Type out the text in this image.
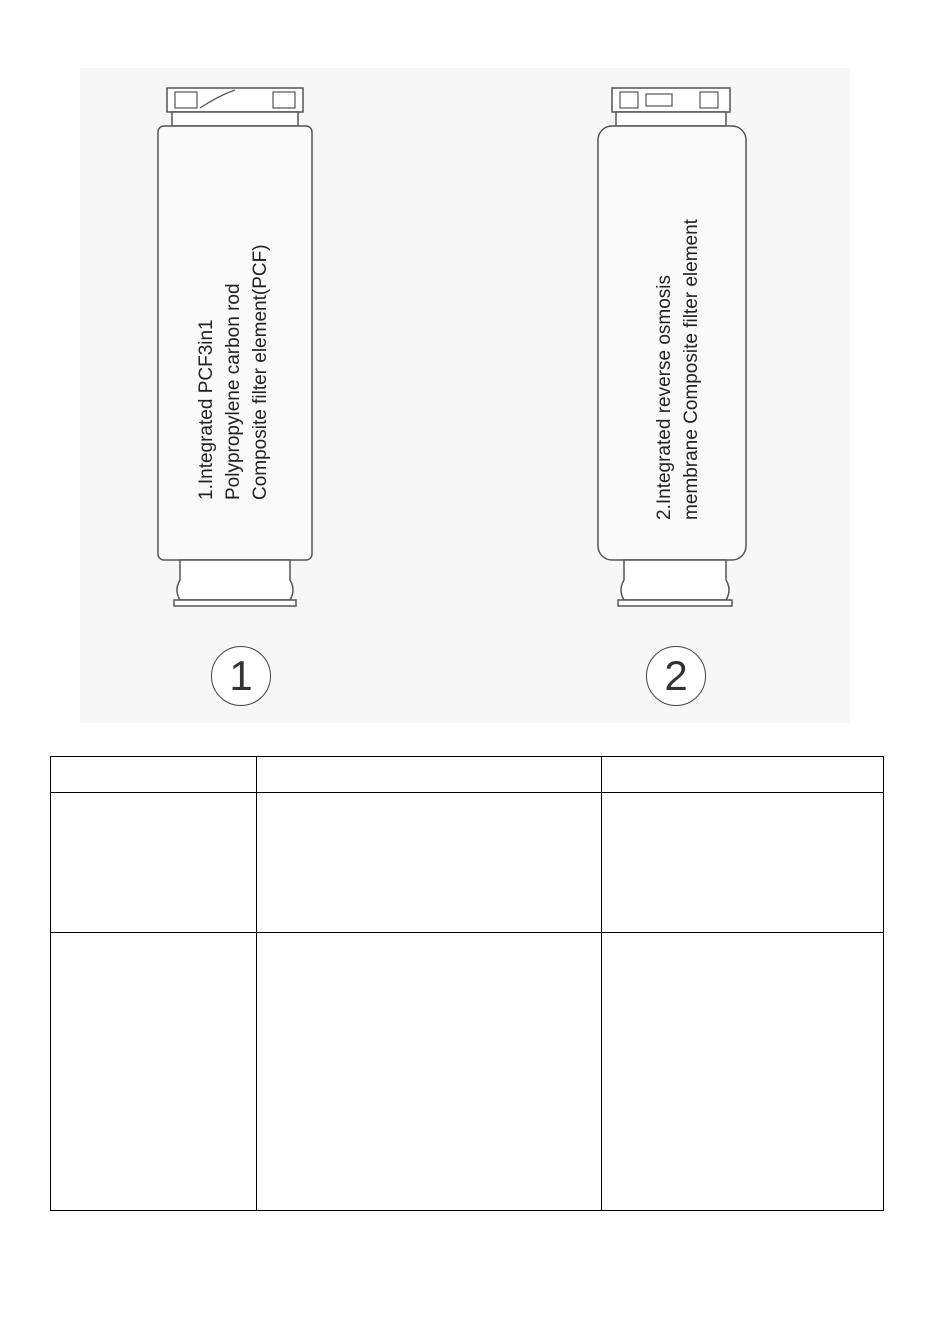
1.Integrated PCF3in1 Polypropylene carbon rod Composite filter element(PCF)	2.Integrated reverse osmosis membrane Composite filter element
1	2
